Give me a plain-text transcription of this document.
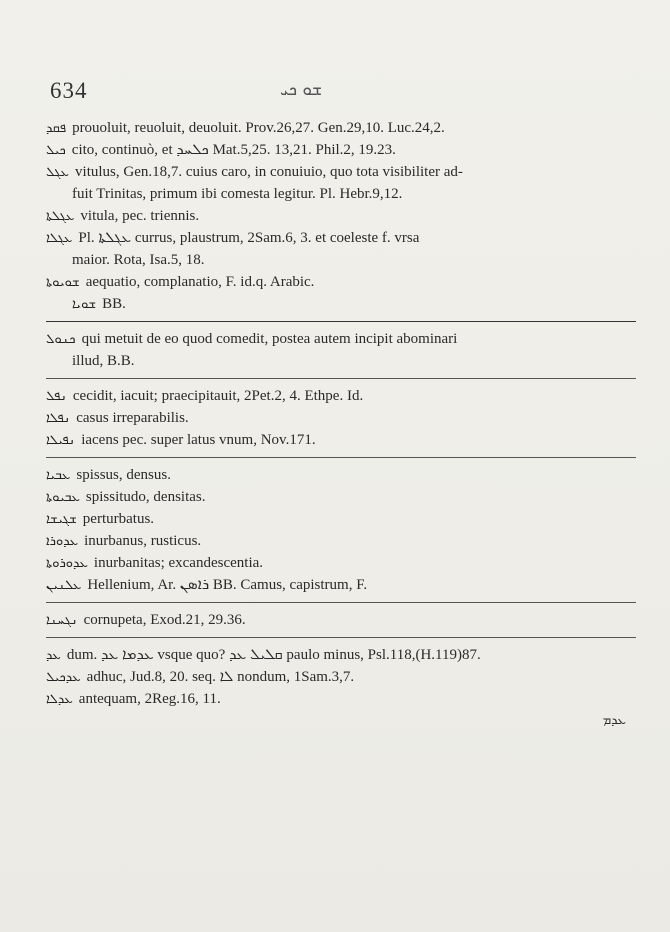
634	ܫܘ ܟܝ
ܦܩܕ prouoluit, reuoluit, deuoluit. Prov.26,27. Gen.29,10. Luc.24,2.
ܟܝܠ cito, continuò, et ܟܠܚܕ Mat.5,25. 13,21. Phil.2, 19.23.
ܥܓܠ vitulus, Gen.18,7. cuius caro, in conuiuio, quo tota visibiliter ad-
fuit Trinitas, primum ibi comesta legitur. Pl. Hebr.9,12.
ܥܓܠܬܐ vitula, pec. triennis.
ܥܓܠܐ Pl. ܥܓܠܬܐ currus, plaustrum, 2Sam.6, 3. et coeleste f. vrsa
maior. Rota, Isa.5, 18.
ܫܘܝܘܬܐ aequatio, complanatio, F. id.q. Arabic.
ܫܘܝܐ BB.
ܟܢܘܠ qui metuit de eo quod comedit, postea autem incipit abominari
illud, B.B.
ܢܦܠ cecidit, iacuit; praecipitauit, 2Pet.2, 4. Ethpe. Id.
ܢܦܠܐ casus irreparabilis.
ܢܦܝܠܐ iacens pec. super latus vnum, Nov.171.
ܥܒܝܐ spissus, densus.
ܥܒܝܘܬܐ spissitudo, densitas.
ܫܓܝܫܐ perturbatus.
ܥܕܘܪܐ inurbanus, rusticus.
ܥܕܘܪܘܬܐ inurbanitas; excandescentia.
ܥܠܢܝܢ Hellenium, Ar. ܪܐܣܢ BB. Camus, capistrum, F.
ܢܓܚܢܐ cornupeta, Exod.21, 29.36.
ܥܕ dum. ܥܕܡܐ ܥܕ vsque quo? ܩܠܝܠ ܥܕ paulo minus, Psl.118,(H.119)87.
ܥܕܟܝܠ adhuc, Jud.8, 20. seq. ܠܐ nondum, 1Sam.3,7.
ܥܕܠܐ antequam, 2Reg.16, 11.
ܥܕܡ
